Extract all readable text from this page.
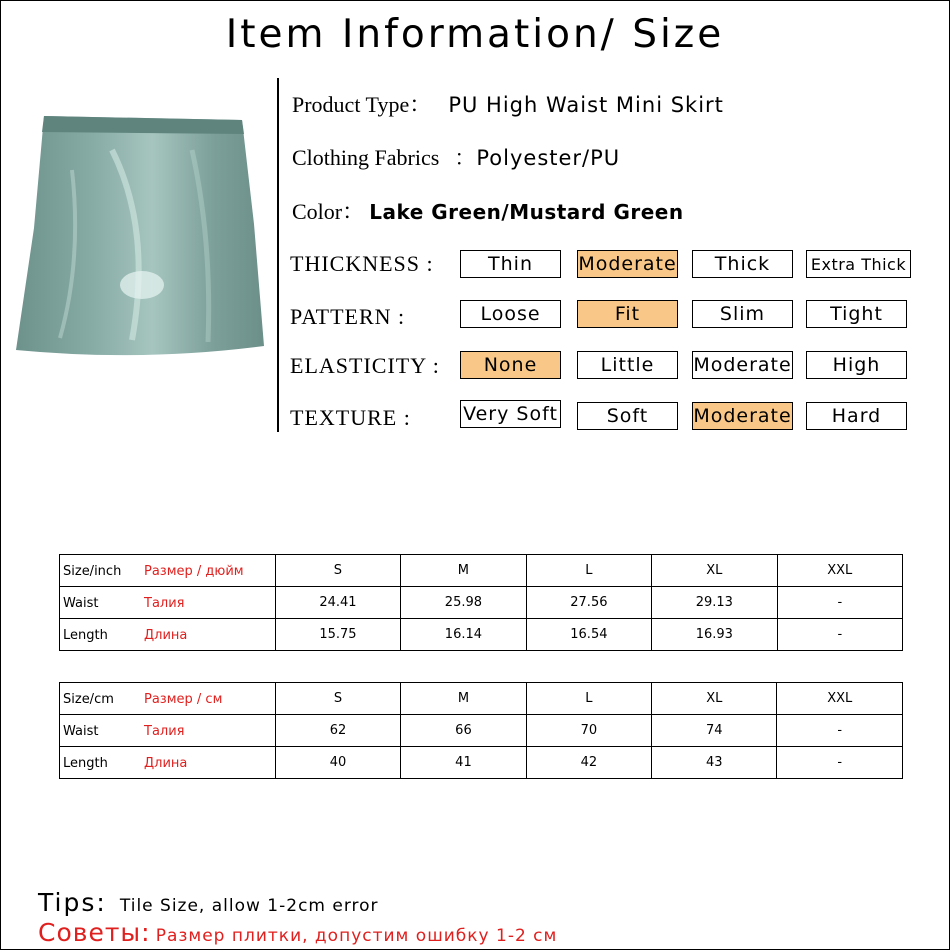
Item Information/ Size
Product Type： PU High Waist Mini Skirt
Clothing Fabrics ：Polyester/PU
Color： Lake Green/Mustard Green
THICKNESS :	Thin	Moderate	Thick	Extra Thick
PATTERN :	Loose	Fit	Slim	Tight
ELASTICITY :	None	Little	Moderate	High
TEXTURE :	Very Soft	Soft	Moderate	Hard
Size/inch Размер / дюйм	S	M	L	XL	XXL

Waist Талия	24.41	25.98	27.56	29.13	-

Length Длина	15.75	16.14	16.54	16.93	-
Size/cm Размер / см	S	M	L	XL	XXL

Waist Талия	62	66	70	74	-

Length Длина	40	41	42	43	-
Tips: Tile Size, allow 1-2cm error
Советы: Размер плитки, допустим ошибку 1-2 см
